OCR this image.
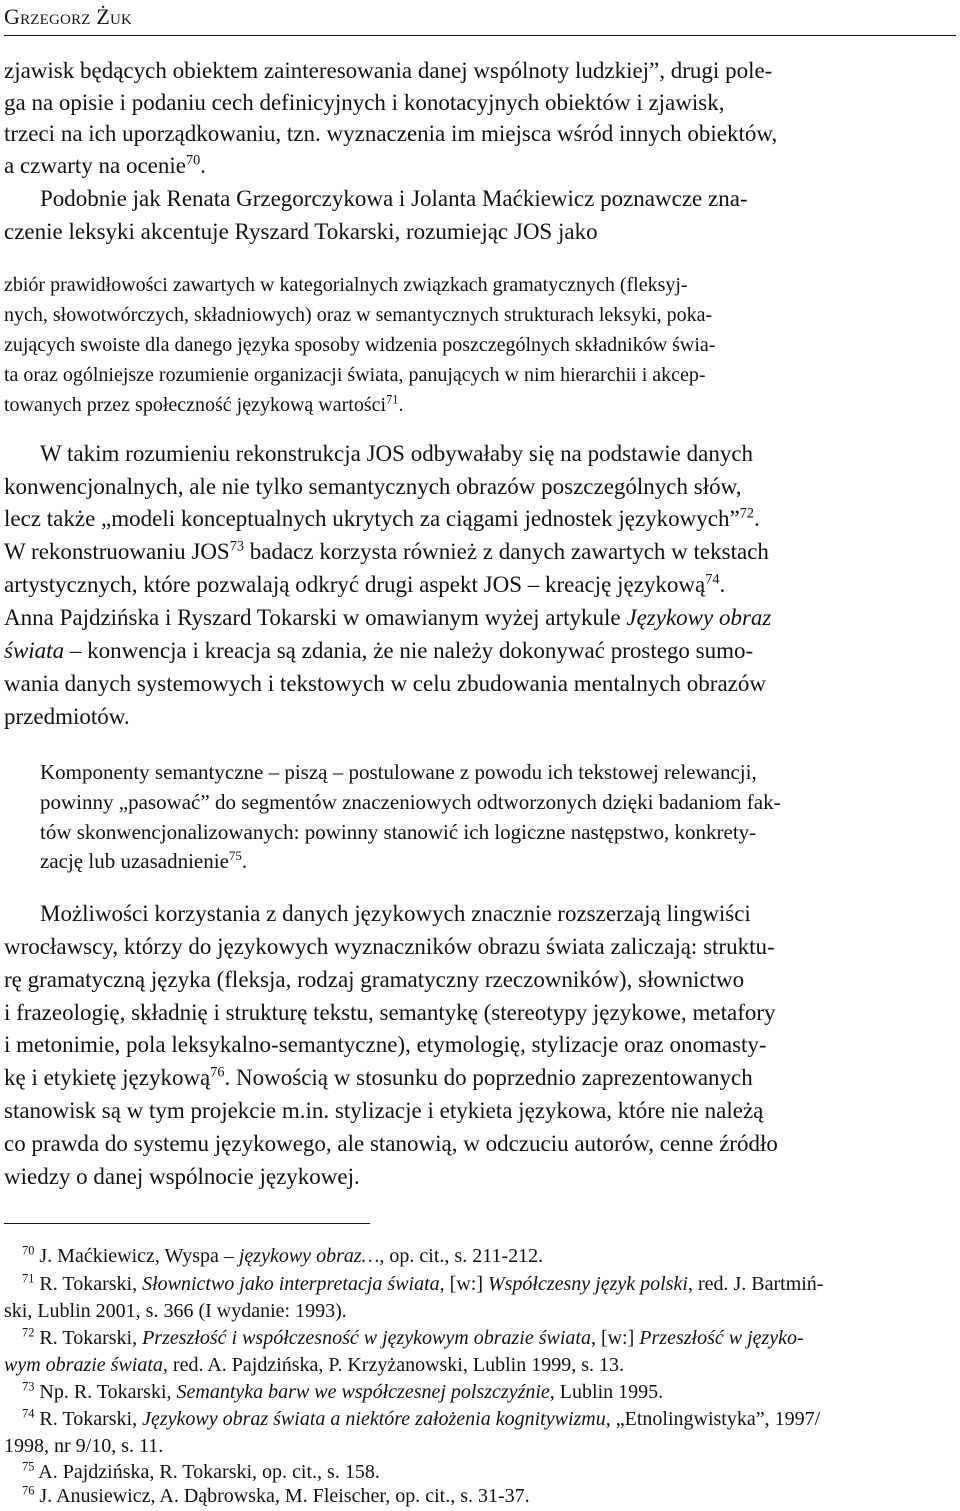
Grzegorz Żuk
zjawisk będących obiektem zainteresowania danej wspólnoty ludzkiej”, drugi pole-
ga na opisie i podaniu cech definicyjnych i konotacyjnych obiektów i zjawisk,
trzeci na ich uporządkowaniu, tzn. wyznaczenia im miejsca wśród innych obiektów,
a czwarty na ocenie$^{70}$.
Podobnie jak Renata Grzegorczykowa i Jolanta Maćkiewicz poznawcze zna-
czenie leksyki akcentuje Ryszard Tokarski, rozumiejąc JOS jako
zbiór prawidłowości zawartych w kategorialnych związkach gramatycznych (fleksyj-
nych, słowotwórczych, składniowych) oraz w semantycznych strukturach leksyki, poka-
zujących swoiste dla danego języka sposoby widzenia poszczególnych składników świa-
ta oraz ogólniejsze rozumienie organizacji świata, panujących w nim hierarchii i akcep-
towanych przez społeczność językową wartości$^{71}$.
W takim rozumieniu rekonstrukcja JOS odbywałaby się na podstawie danych
konwencjonalnych, ale nie tylko semantycznych obrazów poszczególnych słów,
lecz także „modeli konceptualnych ukrytych za ciągami jednostek językowych”$^{72}$.
W rekonstruowaniu JOS$^{73}$ badacz korzysta również z danych zawartych w tekstach
artystycznych, które pozwalają odkryć drugi aspekt JOS – kreację językową$^{74}$.
Anna Pajdzińska i Ryszard Tokarski w omawianym wyżej artykule Językowy obraz
świata – konwencja i kreacja są zdania, że nie należy dokonywać prostego sumo-
wania danych systemowych i tekstowych w celu zbudowania mentalnych obrazów
przedmiotów.
Komponenty semantyczne – piszą – postulowane z powodu ich tekstowej relewancji,
powinny „pasować” do segmentów znaczeniowych odtworzonych dzięki badaniom fak-
tów skonwencjonalizowanych: powinny stanowić ich logiczne następstwo, konkrety-
zację lub uzasadnienie$^{75}$.
Możliwości korzystania z danych językowych znacznie rozszerzają lingwiści
wrocławscy, którzy do językowych wyznaczników obrazu świata zaliczają: struktu-
rę gramatyczną języka (fleksja, rodzaj gramatyczny rzeczowników), słownictwo
i frazeologię, składnię i strukturę tekstu, semantykę (stereotypy językowe, metafory
i metonimie, pola leksykalno-semantyczne), etymologię, stylizacje oraz onomasty-
kę i etykietę językową$^{76}$. Nowością w stosunku do poprzednio zaprezentowanych
stanowisk są w tym projekcie m.in. stylizacje i etykieta językowa, które nie należą
co prawda do systemu językowego, ale stanowią, w odczuciu autorów, cenne źródło
wiedzy o danej wspólnocie językowej.
$^{70}$ J. Maćkiewicz, Wyspa – językowy obraz…, op. cit., s. 211-212.
$^{71}$ R. Tokarski, Słownictwo jako interpretacja świata, [w:] Współczesny język polski, red. J. Bartmiń-
ski, Lublin 2001, s. 366 (I wydanie: 1993).
$^{72}$ R. Tokarski, Przeszłość i współczesność w językowym obrazie świata, [w:] Przeszłość w języko-
wym obrazie świata, red. A. Pajdzińska, P. Krzyżanowski, Lublin 1999, s. 13.
$^{73}$ Np. R. Tokarski, Semantyka barw we współczesnej polszczyźnie, Lublin 1995.
$^{74}$ R. Tokarski, Językowy obraz świata a niektóre założenia kognitywizmu, „Etnolingwistyka”, 1997/
1998, nr 9/10, s. 11.
$^{75}$ A. Pajdzińska, R. Tokarski, op. cit., s. 158.
$^{76}$ J. Anusiewicz, A. Dąbrowska, M. Fleischer, op. cit., s. 31-37.
